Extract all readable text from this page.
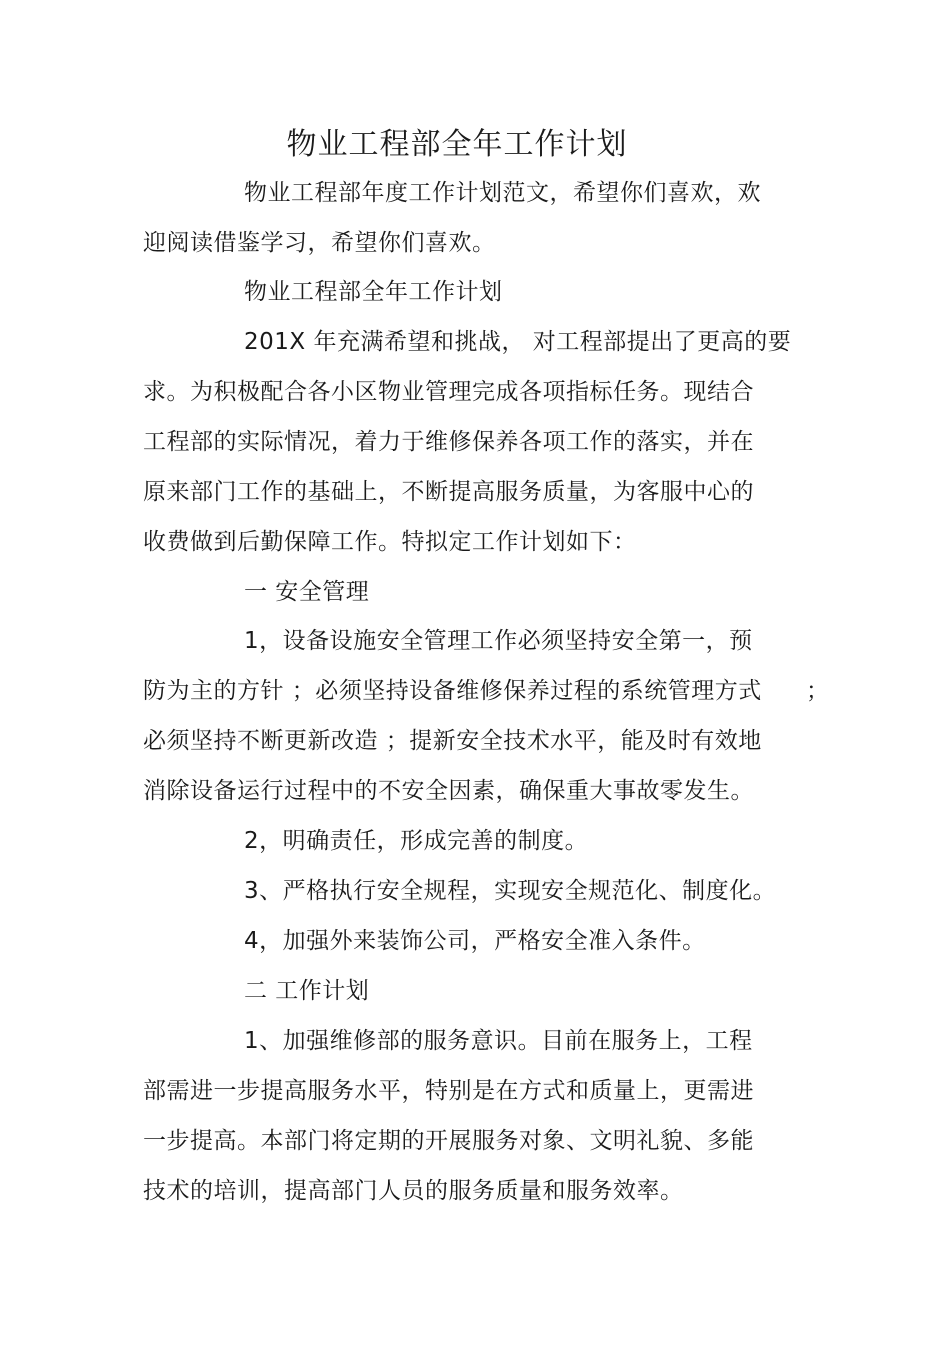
物业工程部全年工作计划
物业工程部年度工作计划范文，希望你们喜欢，欢
迎阅读借鉴学习，希望你们喜欢。
物业工程部全年工作计划
201X 年充满希望和挑战， 对工程部提出了更高的要
求。为积极配合各小区物业管理完成各项指标任务。现结合
工程部的实际情况，着力于维修保养各项工作的落实，并在
原来部门工作的基础上，不断提高服务质量，为客服中心的
收费做到后勤保障工作。特拟定工作计划如下：
一 安全管理
1，设备设施安全管理工作必须坚持安全第一，预
防为主的方针 ；必须坚持设备维修保养过程的系统管理方式 ；
必须坚持不断更新改造 ；提新安全技术水平，能及时有效地
消除设备运行过程中的不安全因素，确保重大事故零发生。
2，明确责任，形成完善的制度。
3、严格执行安全规程，实现安全规范化、制度化。
4，加强外来装饰公司，严格安全准入条件。
二 工作计划
1、加强维修部的服务意识。目前在服务上，工程
部需进一步提高服务水平，特别是在方式和质量上，更需进
一步提高。本部门将定期的开展服务对象、文明礼貌、多能
技术的培训，提高部门人员的服务质量和服务效率。
